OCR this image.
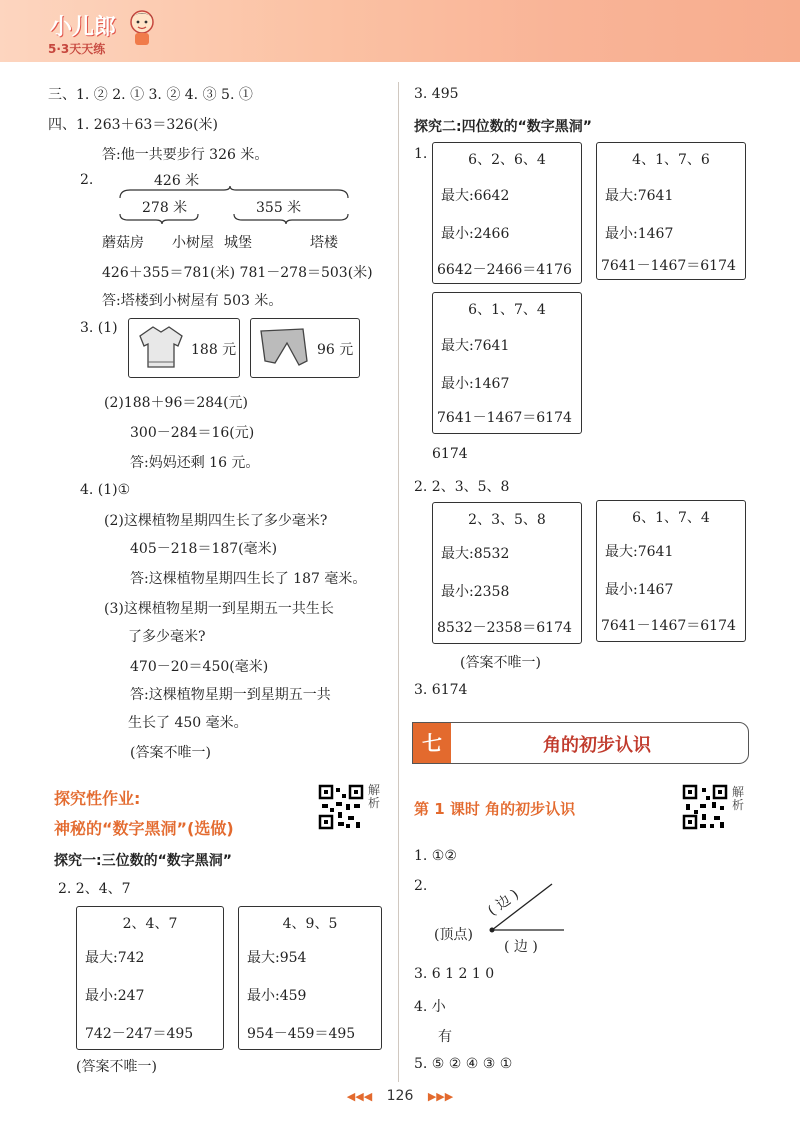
小儿郎
5·3天天练
三、1. ② 2. ① 3. ② 4. ③ 5. ①
四、1. 263＋63＝326(米)
答:他一共要步行 326 米。
2.	426 米
278 米	355 米
蘑菇房 小树屋 城堡	塔楼
426＋355＝781(米) 781－278＝503(米)
答:塔楼到小树屋有 503 米。
3. (1)
188 元	96 元
(2)188＋96＝284(元)
300－284＝16(元)
答:妈妈还剩 16 元。
4. (1)①
(2)这棵植物星期四生长了多少毫米?
405－218＝187(毫米)
答:这棵植物星期四生长了 187 毫米。
(3)这棵植物星期一到星期五一共生长
了多少毫米?
470－20＝450(毫米)
答:这棵植物星期一到星期五一共
生长了 450 毫米。
(答案不唯一)
探究性作业:
神秘的“数字黑洞”(选做)
解析
探究一:三位数的“数字黑洞”
2. 2、4、7
2、4、7
最大:742
最小:247
742－247＝495
4、9、5
最大:954
最小:459
954－459＝495
(答案不唯一)
3. 495
探究二:四位数的“数字黑洞”
1.	6、2、6、4
最大:6642
最小:2466
6642－2466＝4176
4、1、7、6
最大:7641
最小:1467
7641－1467＝6174
6、1、7、4
最大:7641
最小:1467
7641－1467＝6174
6174
2. 2、3、5、8
2、3、5、8
最大:8532
最小:2358
8532－2358＝6174
6、1、7、4
最大:7641
最小:1467
7641－1467＝6174
(答案不唯一)
3. 6174
七	角的初步认识
第 1 课时 角的初步认识
解析
1. ①②
2.
( 边 )
(顶点)
( 边 )
3. 6 1 2 1 0
4. 小
有
5. ⑤ ② ④ ③ ①
◀◀◀ 126 ▶▶▶
